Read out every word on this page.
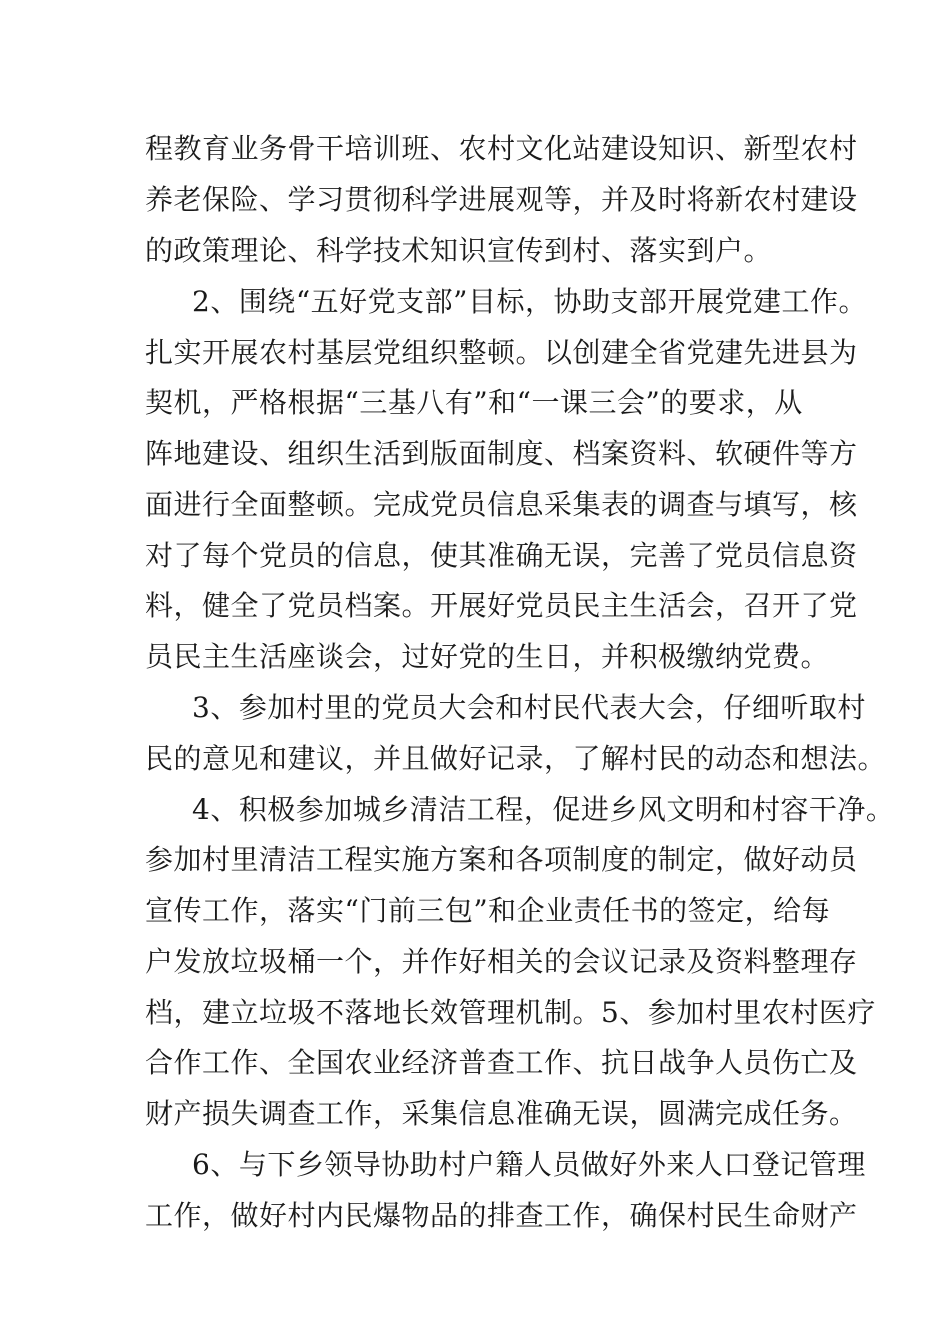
程教育业务骨干培训班、农村文化站建设知识、新型农村
养老保险、学习贯彻科学进展观等，并及时将新农村建设
的政策理论、科学技术知识宣传到村、落实到户。
2、围绕“五好党支部”目标，协助支部开展党建工作。
扎实开展农村基层党组织整顿。以创建全省党建先进县为
契机，严格根据“三基八有”和“一课三会”的要求，从
阵地建设、组织生活到版面制度、档案资料、软硬件等方
面进行全面整顿。完成党员信息采集表的调查与填写，核
对了每个党员的信息，使其准确无误，完善了党员信息资
料，健全了党员档案。开展好党员民主生活会，召开了党
员民主生活座谈会，过好党的生日，并积极缴纳党费。
3、参加村里的党员大会和村民代表大会，仔细听取村
民的意见和建议，并且做好记录，了解村民的动态和想法。
4、积极参加城乡清洁工程，促进乡风文明和村容干净。
参加村里清洁工程实施方案和各项制度的制定，做好动员
宣传工作，落实“门前三包”和企业责任书的签定，给每
户发放垃圾桶一个，并作好相关的会议记录及资料整理存
档，建立垃圾不落地长效管理机制。5、参加村里农村医疗
合作工作、全国农业经济普查工作、抗日战争人员伤亡及
财产损失调查工作，采集信息准确无误，圆满完成任务。
6、与下乡领导协助村户籍人员做好外来人口登记管理
工作，做好村内民爆物品的排查工作，确保村民生命财产
